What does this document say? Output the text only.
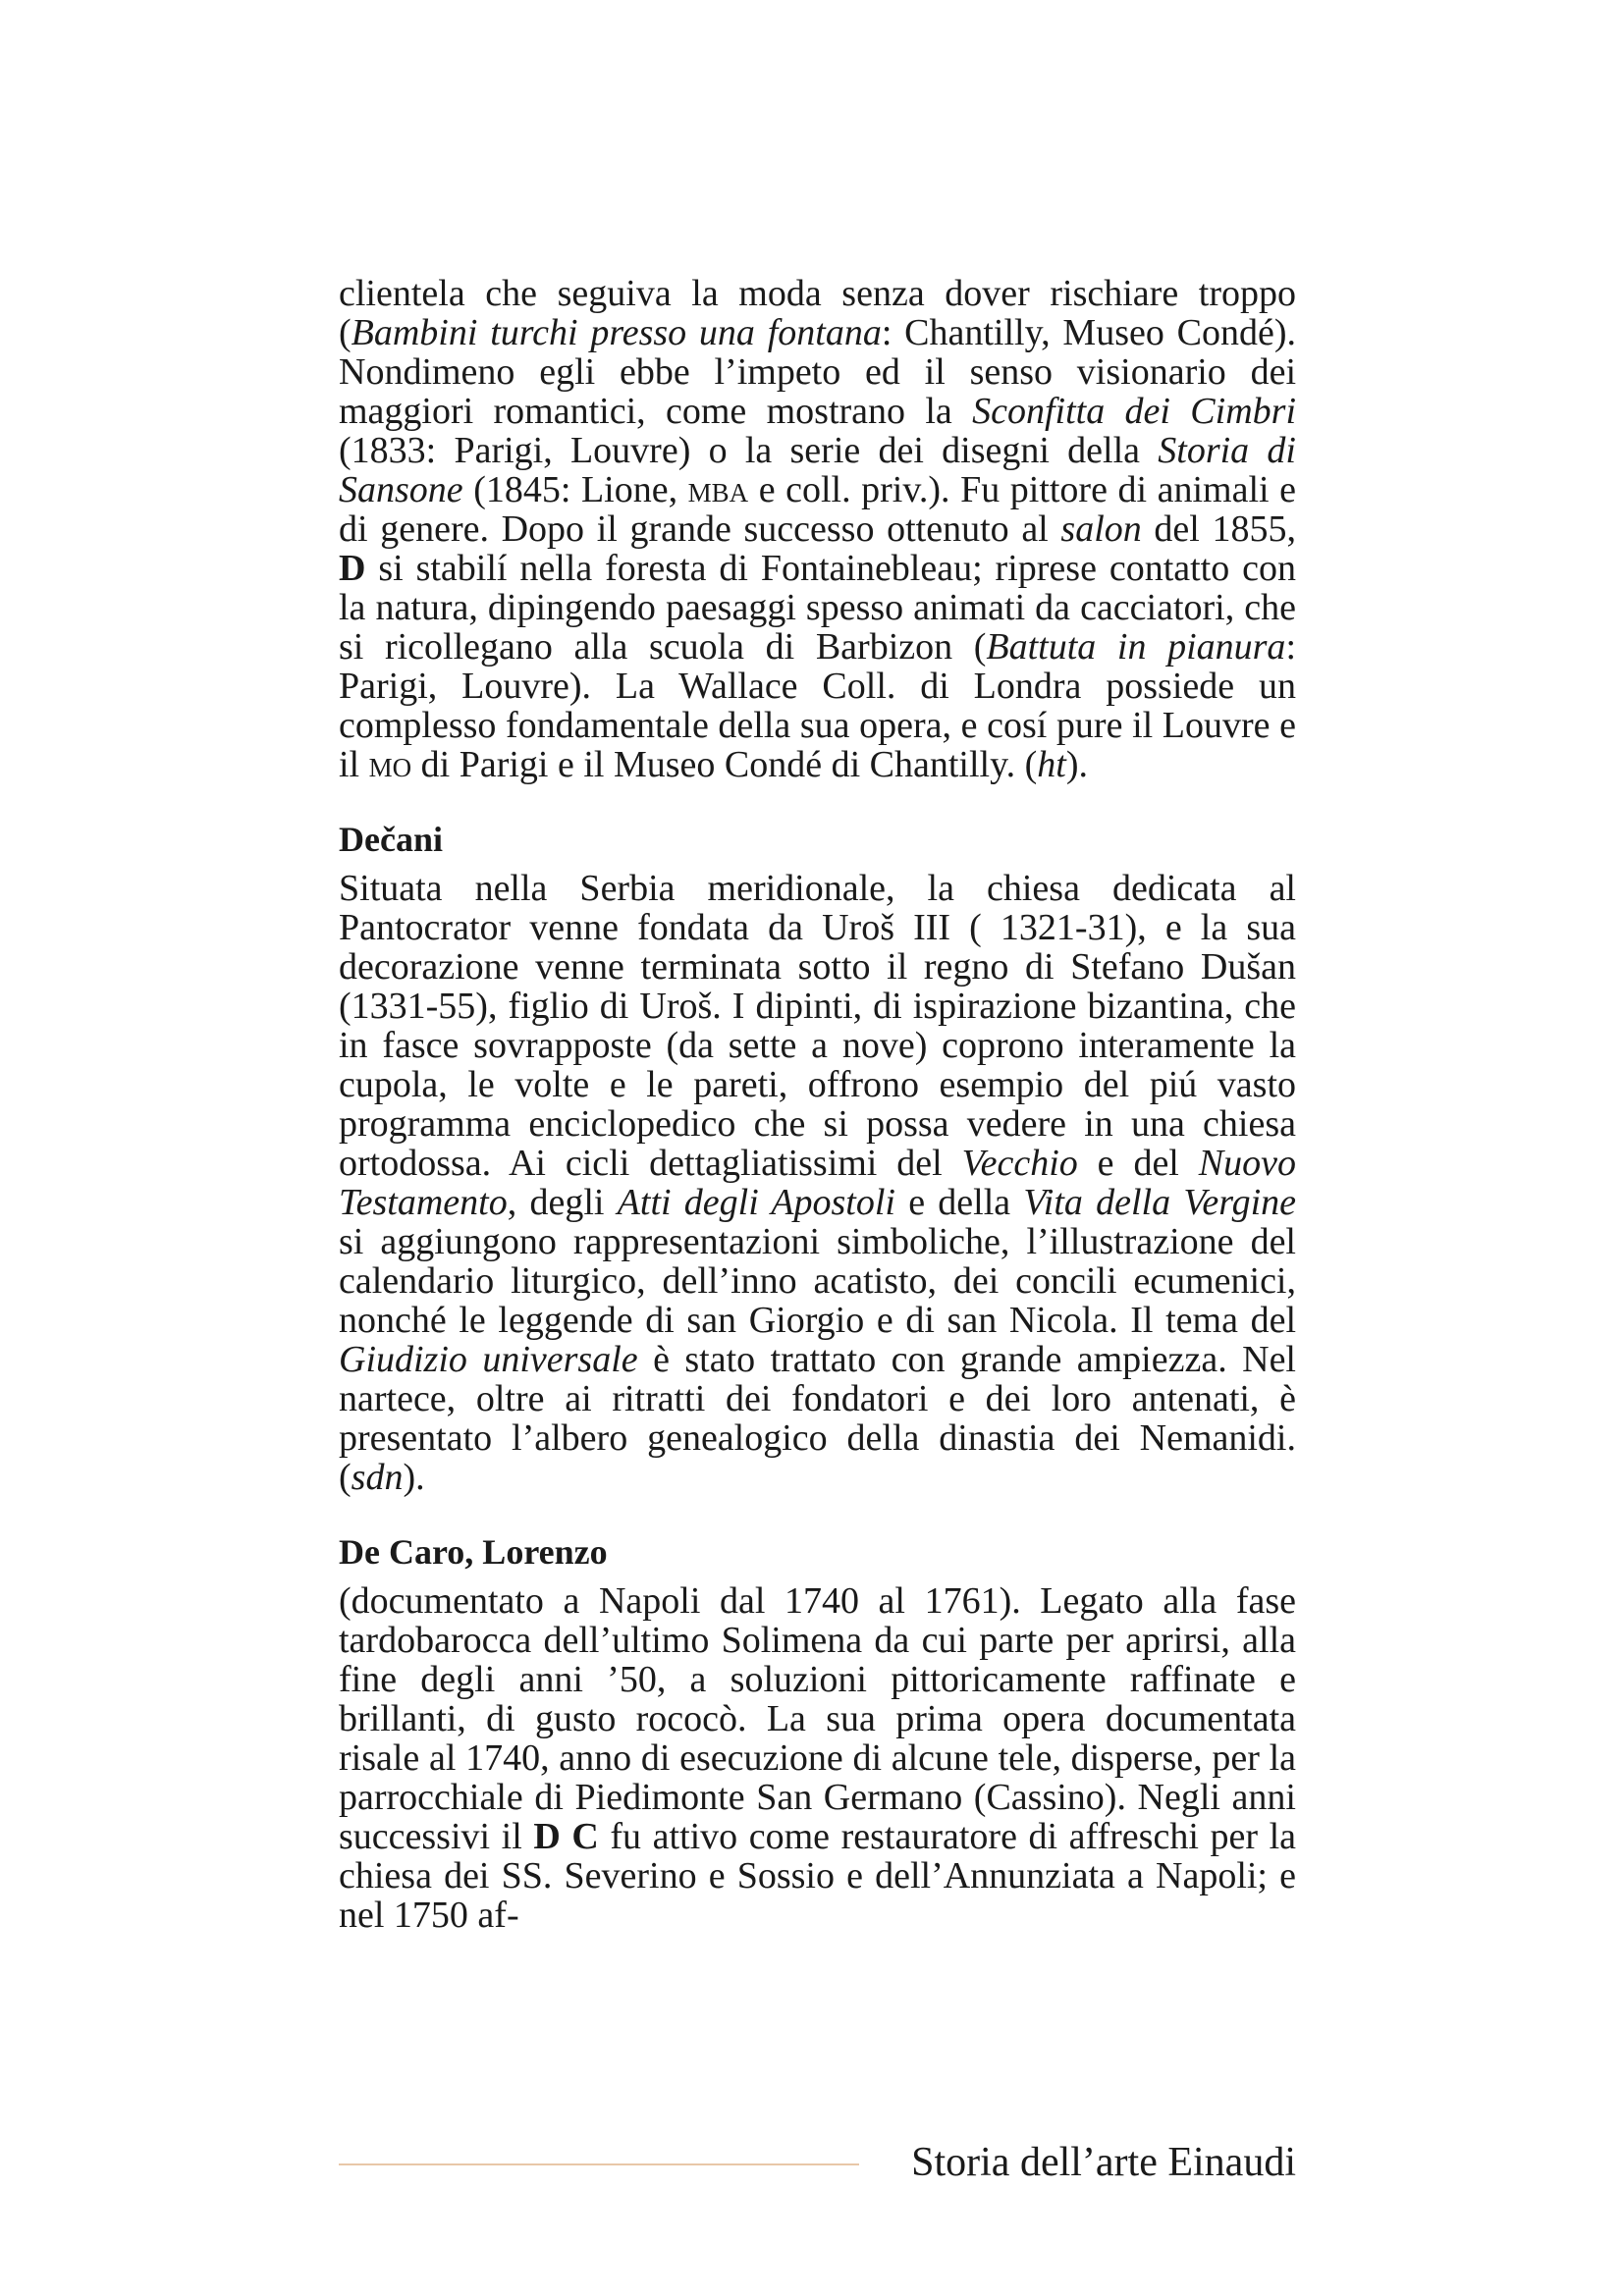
clientela che seguiva la moda senza dover rischiare troppo (Bambini turchi presso una fontana: Chantilly, Museo Condé). Nondimeno egli ebbe l’impeto ed il senso visionario dei maggiori romantici, come mostrano la Sconfitta dei Cimbri (1833: Parigi, Louvre) o la serie dei disegni della Storia di Sansone (1845: Lione, mba e coll. priv.). Fu pittore di animali e di genere. Dopo il grande successo ottenuto al salon del 1855, D si stabilí nella foresta di Fontainebleau; riprese contatto con la natura, dipingendo paesaggi spesso animati da cacciatori, che si ricollegano alla scuola di Barbizon (Battuta in pianura: Parigi, Louvre). La Wallace Coll. di Londra possiede un complesso fondamentale della sua opera, e cosí pure il Louvre e il mo di Parigi e il Museo Condé di Chantilly. (ht).

Dečani

Situata nella Serbia meridionale, la chiesa dedicata al Pantocrator venne fondata da Uroš III ( 1321-31), e la sua decorazione venne terminata sotto il regno di Stefano Dušan (1331-55), figlio di Uroš. I dipinti, di ispirazione bizantina, che in fasce sovrapposte (da sette a nove) coprono interamente la cupola, le volte e le pareti, offrono esempio del piú vasto programma enciclopedico che si possa vedere in una chiesa ortodossa. Ai cicli dettagliatissimi del Vecchio e del Nuovo Testamento, degli Atti degli Apostoli e della Vita della Vergine si aggiungono rappresentazioni simboliche, l’illustrazione del calendario liturgico, dell’inno acatisto, dei concili ecumenici, nonché le leggende di san Giorgio e di san Nicola. Il tema del Giudizio universale è stato trattato con grande ampiezza. Nel nartece, oltre ai ritratti dei fondatori e dei loro antenati, è presentato l’albero genealogico della dinastia dei Nemanidi. (sdn).

De Caro, Lorenzo

(documentato a Napoli dal 1740 al 1761). Legato alla fase tardobarocca dell’ultimo Solimena da cui parte per aprirsi, alla fine degli anni ’50, a soluzioni pittoricamente raffinate e brillanti, di gusto rococò. La sua prima opera documentata risale al 1740, anno di esecuzione di alcune tele, disperse, per la parrocchiale di Piedimonte San Germano (Cassino). Negli anni successivi il D C fu attivo come restauratore di affreschi per la chiesa dei SS. Severino e Sossio e dell’Annunziata a Napoli; e nel 1750 af-

Storia dell’arte Einaudi
